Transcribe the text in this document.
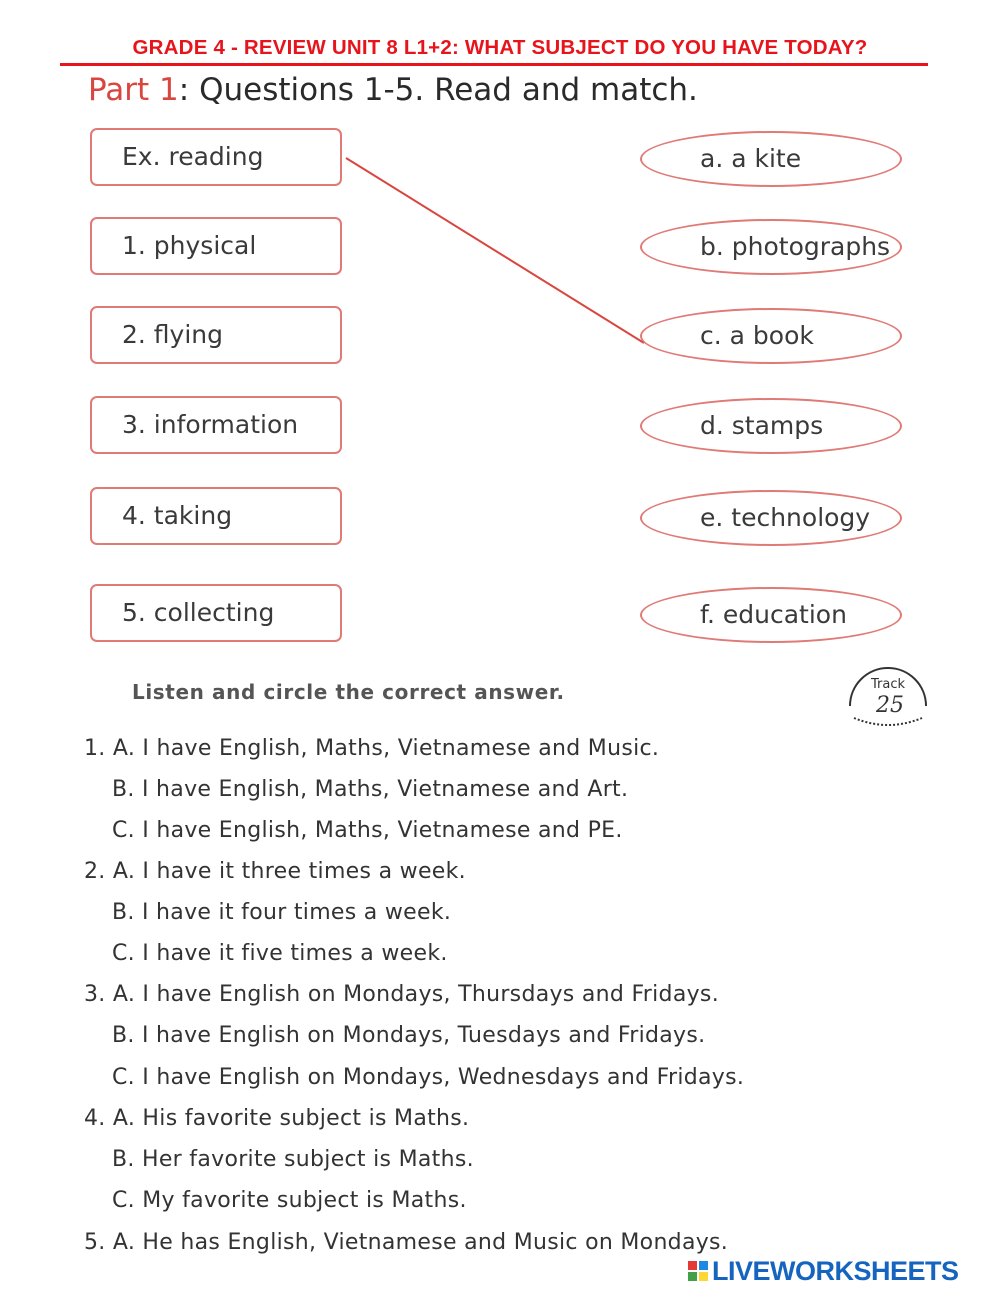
GRADE 4 - REVIEW UNIT 8 L1+2: WHAT SUBJECT DO YOU HAVE TODAY?
Part 1: Questions 1-5. Read and match.
Ex. reading
1. physical
2. flying
3. information
4. taking
5. collecting
a. a kite
b. photographs
c. a book
d. stamps
e. technology
f. education
Listen and circle the correct answer.	Track
25
1. A. I have English, Maths, Vietnamese and Music.
B. I have English, Maths, Vietnamese and Art.
C. I have English, Maths, Vietnamese and PE.
2. A. I have it three times a week.
B. I have it four times a week.
C. I have it five times a week.
3. A. I have English on Mondays, Thursdays and Fridays.
B. I have English on Mondays, Tuesdays and Fridays.
C. I have English on Mondays, Wednesdays and Fridays.
4. A. His favorite subject is Maths.
B. Her favorite subject is Maths.
C. My favorite subject is Maths.
5. A. He has English, Vietnamese and Music on Mondays.
LIVEWORKSHEETS
